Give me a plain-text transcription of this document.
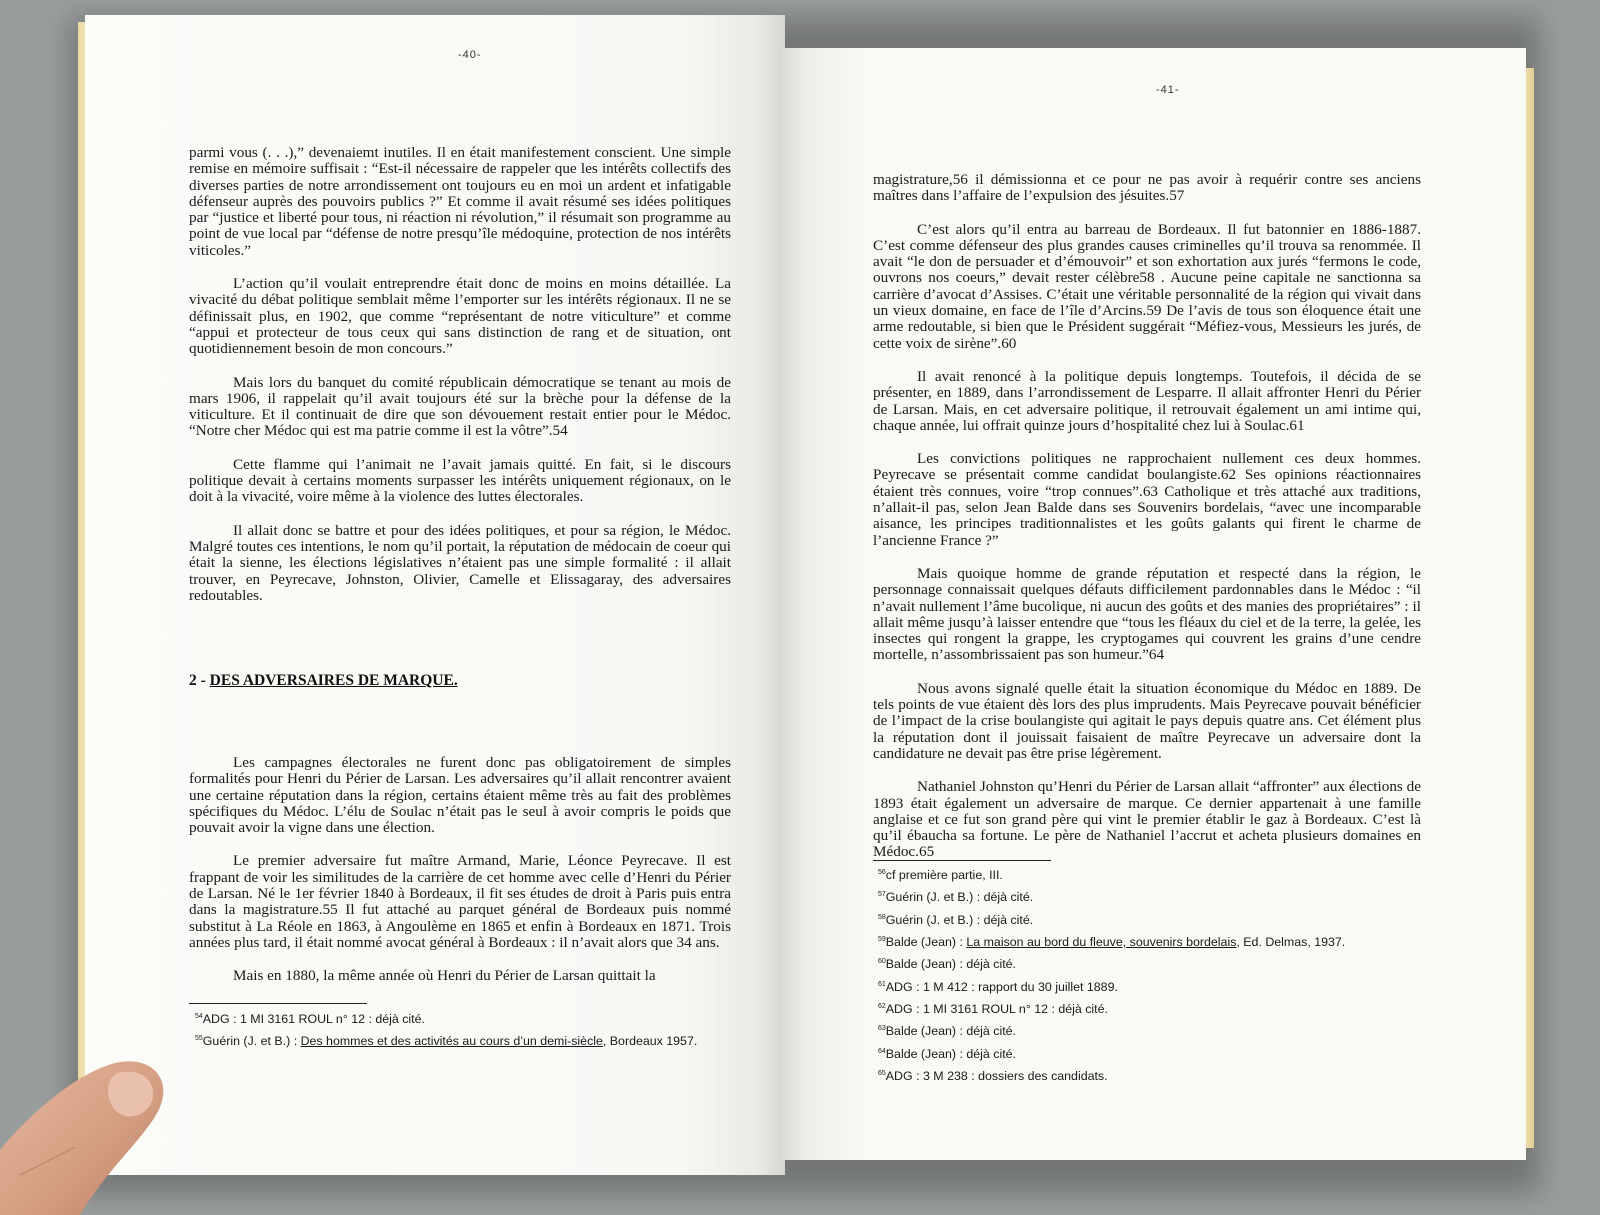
-40-

parmi vous (. . .),” devenaiemt inutiles. Il en était manifestement conscient. Une simple remise en mémoire suffisait : “Est-il nécessaire de rappeler que les intérêts collectifs des diverses parties de notre arrondissement ont toujours eu en moi un ardent et infatigable défenseur auprès des pouvoirs publics ?” Et comme il avait résumé ses idées politiques par “justice et liberté pour tous, ni réaction ni révolution,” il résumait son programme au point de vue local par “défense de notre presqu’île médoquine, protection de nos intérêts viticoles.”

L’action qu’il voulait entreprendre était donc de moins en moins détaillée. La vivacité du débat politique semblait même l’emporter sur les intérêts régionaux. Il ne se définissait plus, en 1902, que comme “représentant de notre viticulture” et comme “appui et protecteur de tous ceux qui sans distinction de rang et de situation, ont quotidiennement besoin de mon concours.”

Mais lors du banquet du comité républicain démocratique se tenant au mois de mars 1906, il rappelait qu’il avait toujours été sur la brèche pour la défense de la viticulture. Et il continuait de dire que son dévouement restait entier pour le Médoc. “Notre cher Médoc qui est ma patrie comme il est la vôtre”.54

Cette flamme qui l’animait ne l’avait jamais quitté. En fait, si le discours politique devait à certains moments surpasser les intérêts uniquement régionaux, on le doit à la vivacité, voire même à la violence des luttes électorales.

Il allait donc se battre et pour des idées politiques, et pour sa région, le Médoc. Malgré toutes ces intentions, le nom qu’il portait, la réputation de médocain de coeur qui était la sienne, les élections législatives n’étaient pas une simple formalité : il allait trouver, en Peyrecave, Johnston, Olivier, Camelle et Elissagaray, des adversaires redoutables.

2 - DES ADVERSAIRES DE MARQUE.

Les campagnes électorales ne furent donc pas obligatoirement de simples formalités pour Henri du Périer de Larsan. Les adversaires qu’il allait rencontrer avaient une certaine réputation dans la région, certains étaient même très au fait des problèmes spécifiques du Médoc. L’élu de Soulac n’était pas le seul à avoir compris le poids que pouvait avoir la vigne dans une élection.

Le premier adversaire fut maître Armand, Marie, Léonce Peyrecave. Il est frappant de voir les similitudes de la carrière de cet homme avec celle d’Henri du Périer de Larsan. Né le 1er février 1840 à Bordeaux, il fit ses études de droit à Paris puis entra dans la magistrature.55 Il fut attaché au parquet général de Bordeaux puis nommé substitut à La Réole en 1863, à Angoulème en 1865 et enfin à Bordeaux en 1871. Trois années plus tard, il était nommé avocat général à Bordeaux : il n’avait alors que 34 ans.

Mais en 1880, la même année où Henri du Périer de Larsan quittait la

$^{54}$ADG : 1 MI 3161 ROUL n° 12 : déjà cité.
$^{55}$Guérin (J. et B.) : Des hommes et des activités au cours d’un demi-siècle, Bordeaux 1957.
-41-

magistrature,56 il démissionna et ce pour ne pas avoir à requérir contre ses anciens maîtres dans l’affaire de l’expulsion des jésuites.57

C’est alors qu’il entra au barreau de Bordeaux. Il fut batonnier en 1886-1887. C’est comme défenseur des plus grandes causes criminelles qu’il trouva sa renommée. Il avait “le don de persuader et d’émouvoir” et son exhortation aux jurés “fermons le code, ouvrons nos coeurs,” devait rester célèbre58 . Aucune peine capitale ne sanctionna sa carrière d’avocat d’Assises. C’était une véritable personnalité de la région qui vivait dans un vieux domaine, en face de l’île d’Arcins.59 De l’avis de tous son éloquence était une arme redoutable, si bien que le Président suggérait “Méfiez-vous, Messieurs les jurés, de cette voix de sirène”.60

Il avait renoncé à la politique depuis longtemps. Toutefois, il décida de se présenter, en 1889, dans l’arrondissement de Lesparre. Il allait affronter Henri du Périer de Larsan. Mais, en cet adversaire politique, il retrouvait également un ami intime qui, chaque année, lui offrait quinze jours d’hospitalité chez lui à Soulac.61

Les convictions politiques ne rapprochaient nullement ces deux hommes. Peyrecave se présentait comme candidat boulangiste.62 Ses opinions réactionnaires étaient très connues, voire “trop connues”.63 Catholique et très attaché aux traditions, n’allait-il pas, selon Jean Balde dans ses Souvenirs bordelais, “avec une incomparable aisance, les principes traditionnalistes et les goûts galants qui firent le charme de l’ancienne France ?”

Mais quoique homme de grande réputation et respecté dans la région, le personnage connaissait quelques défauts difficilement pardonnables dans le Médoc : “il n’avait nullement l’âme bucolique, ni aucun des goûts et des manies des propriétaires” : il allait même jusqu’à laisser entendre que “tous les fléaux du ciel et de la terre, la gelée, les insectes qui rongent la grappe, les cryptogames qui couvrent les grains d’une cendre mortelle, n’assombrissaient pas son humeur.”64

Nous avons signalé quelle était la situation économique du Médoc en 1889. De tels points de vue étaient dès lors des plus imprudents. Mais Peyrecave pouvait bénéficier de l’impact de la crise boulangiste qui agitait le pays depuis quatre ans. Cet élément plus la réputation dont il jouissait faisaient de maître Peyrecave un adversaire dont la candidature ne devait pas être prise légèrement.

Nathaniel Johnston qu’Henri du Périer de Larsan allait “affronter” aux élections de 1893 était également un adversaire de marque. Ce dernier appartenait à une famille anglaise et ce fut son grand père qui vint le premier établir le gaz à Bordeaux. C’est là qu’il ébaucha sa fortune. Le père de Nathaniel l’accrut et acheta plusieurs domaines en Médoc.65

$^{56}$cf première partie, III.
$^{57}$Guérin (J. et B.) : déjà cité.
$^{58}$Guérin (J. et B.) : déjà cité.
$^{59}$Balde (Jean) : La maison au bord du fleuve, souvenirs bordelais, Ed. Delmas, 1937.
$^{60}$Balde (Jean) : déjà cité.
$^{61}$ADG : 1 M 412 : rapport du 30 juillet 1889.
$^{62}$ADG : 1 MI 3161 ROUL n° 12 : déjà cité.
$^{63}$Balde (Jean) : déjà cité.
$^{64}$Balde (Jean) : déjà cité.
$^{65}$ADG : 3 M 238 : dossiers des candidats.
